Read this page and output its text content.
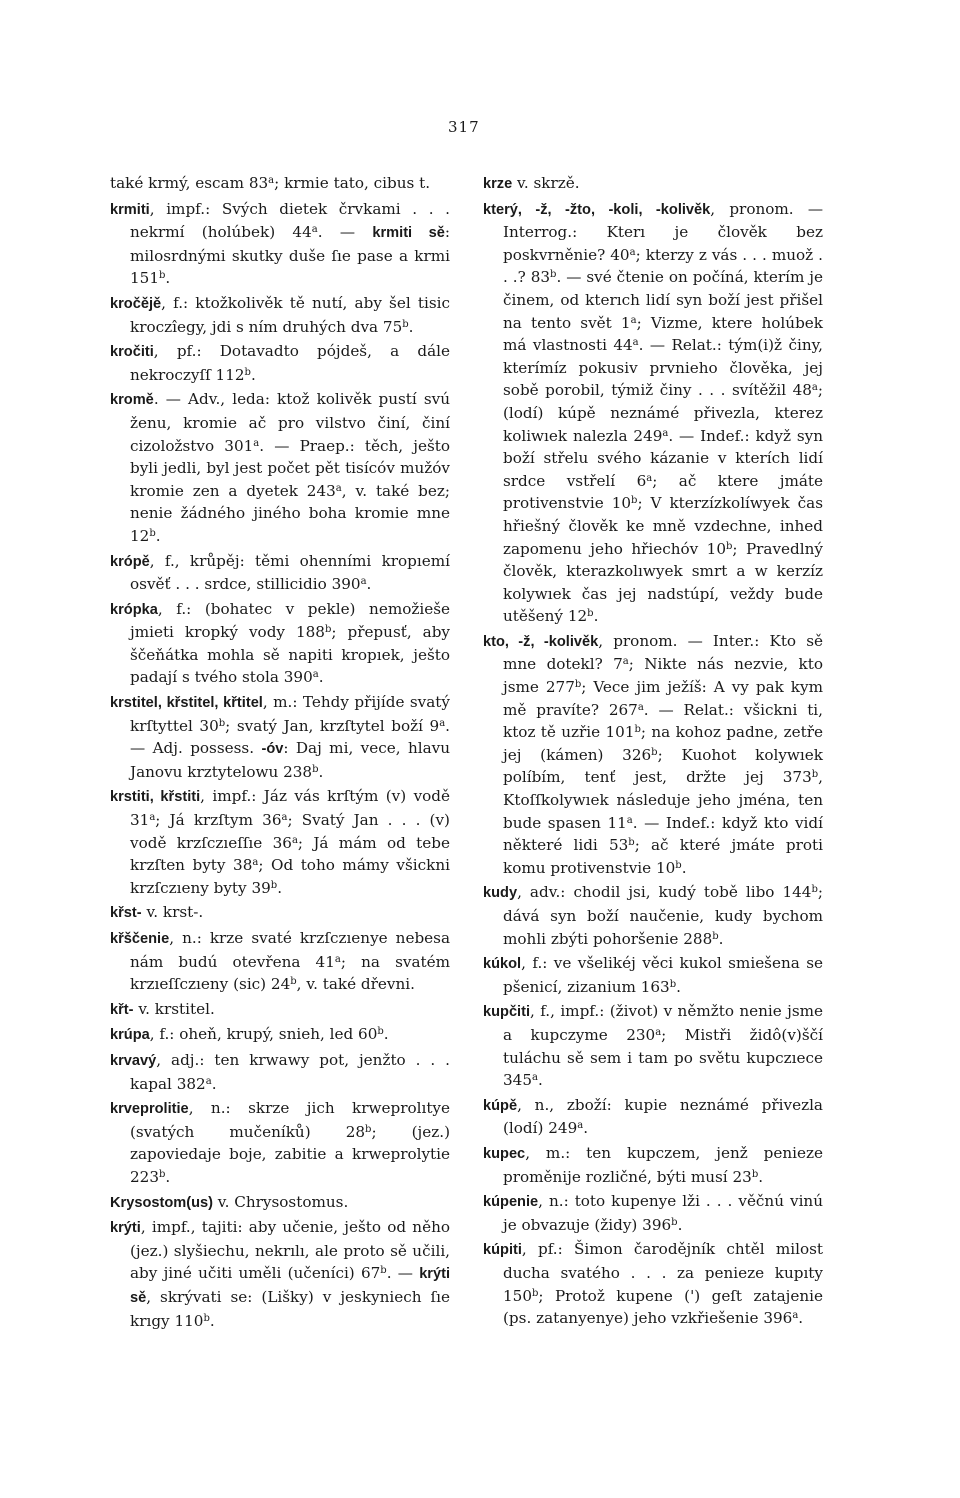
317

také krmý, escam 83$^a$; krmie tato, cibus t.

krmiti, impf.: Svých dietek črvkami . . . nekrmí (holúbek) 44$^a$. — krmiti sě: milosrdnými skutky duše ſıe pase a krmi 151$^b$.

kročějě, f.: ktožkolivěk tě nutí, aby šel tisic kroczîegy, jdi s ním druhých dva 75$^b$.

kročiti, pf.: Dotavadto pójdeš, a dále nekroczyſſ 112$^b$.

kromě. — Adv., leda: ktož kolivěk pustí svú ženu, kromie ač pro vilstvo činí, činí cizoložstvo 301$^a$. — Praep.: těch, ješto byli jedli, byl jest počet pět tisícóv mužóv kromie zen a dyetek 243$^a$, v. také bez; nenie žádného jiného boha kromie mne 12$^b$.

krópě, f., krůpěj: těmi ohenními kropıemí osvěť . . . srdce, stillicidio 390$^a$.

krópka, f.: (bohatec v pekle) nemožieše jmieti kropký vody 188$^b$; přepusť, aby ščeňátka mohla sě napiti kropıek, ješto padají s tvého stola 390$^a$.

krstitel, křstitel, křtitel, m.: Tehdy přijíde svatý krſtyttel 30$^b$; svatý Jan, krzſtytel boží 9$^a$. — Adj. possess. -óv: Daj mi, vece, hlavu Janovu krztytelowu 238$^b$.

krstiti, křstiti, impf.: Jáz vás krſtým (v) vodě 31$^a$; Já krzſtym 36$^a$; Svatý Jan . . . (v) vodě krzſczıeſſıe 36$^a$; Já mám od tebe krzſten byty 38$^a$; Od toho mámy všickni krzſczıeny byty 39$^b$.

křst- v. krst-.

křščenie, n.: krze svaté krzſczıenye nebesa nám budú otevřena 41$^a$; na svatém krzıeſſczıeny (sic) 24$^b$, v. také dřevni.

křt- v. krstitel.

krúpa, f.: oheň, krupý, snieh, led 60$^b$.

krvavý, adj.: ten krwawy pot, jenžto . . . kapal 382$^a$.

krveprolitie, n.: skrze jich krweprolıtye (svatých mučeníků) 28$^b$; (jez.) zapoviedaje boje, zabitie a krweprolytie 223$^b$.

Krysostom(us) v. Chrysostomus.

krýti, impf., tajiti: aby učenie, ješto od něho (jez.) slyšiechu, nekrılı, ale proto sě učili, aby jiné učiti uměli (učeníci) 67$^b$. — krýti sě, skrývati se: (Lišky) v jeskyniech ſıe krıgy 110$^b$.

krze v. skrzě.

který, -ž, -žto, -koli, -kolivěk, pronom. — Interrog.: Kterı je člověk bez poskvrněnie? 40$^a$; kterzy z vás . . . muož . . .? 83$^b$. — své čtenie on počíná, kterím je činem, od kterıch lidí syn boží jest přišel na tento svět 1$^a$; Vizme, ktere holúbek má vlastnosti 44$^a$. — Relat.: tým(i)ž činy, kterímíz pokusiv prvnieho člověka, jej sobě porobil, týmiž činy . . . svítěžil 48$^a$; (lodí) kúpě neznámé přivezla, kterez koliwıek nalezla 249$^a$. — Indef.: když syn boží střelu svého kázanie v kterích lidí srdce vstřelí 6$^a$; ač ktere jmáte protivenstvie 10$^b$; V kterzízkolíwyek čas hřiešný člověk ke mně vzdechne, inhed zapomenu jeho hřiechóv 10$^b$; Pravedlný člověk, kterazkolıwyek smrt a w kerzíz kolywıek čas jej nadstúpí, veždy bude utěšený 12$^b$.

kto, -ž, -kolivěk, pronom. — Inter.: Kto sě mne dotekl? 7$^a$; Nikte nás nezvie, kto jsme 277$^b$; Vece jim ježíš: A vy pak kym mě pravíte? 267$^a$. — Relat.: všickni ti, ktoz tě uzřie 101$^b$; na kohoz padne, zetře jej (kámen) 326$^b$; Kuohot kolywıek políbím, tenť jest, držte jej 373$^b$, Ktoſſkolywıek následuje jeho jména, ten bude spasen 11$^a$. — Indef.: když kto vidí některé lidi 53$^b$; ač které jmáte proti komu protivenstvie 10$^b$.

kudy, adv.: chodil jsi, kudý tobě libo 144$^b$; dává syn boží naučenie, kudy bychom mohli zbýti pohoršenie 288$^b$.

kúkol, f.: ve všelikéj věci kukol smiešena se pšenicí, zizanium 163$^b$.

kupčiti, f., impf.: (život) v němžto nenie jsme a kupczyme 230$^a$; Mistři židô(v)ščí tuláchu sě sem i tam po světu kupczıece 345$^a$.

kúpě, n., zboží: kupie neznámé přivezla (lodí) 249$^a$.

kupec, m.: ten kupczem, jenž penieze proměnije rozličné, býti musí 23$^b$.

kúpenie, n.: toto kupenye lži . . . věčnú vinú je obvazuje (židy) 396$^b$.

kúpiti, pf.: Šimon čarodějník chtěl milost ducha svatého . . . za penieze kupıty 150$^b$; Protož kupene (') geſt zatajenie (ps. zatanyenye) jeho vzkřiešenie 396$^a$.
